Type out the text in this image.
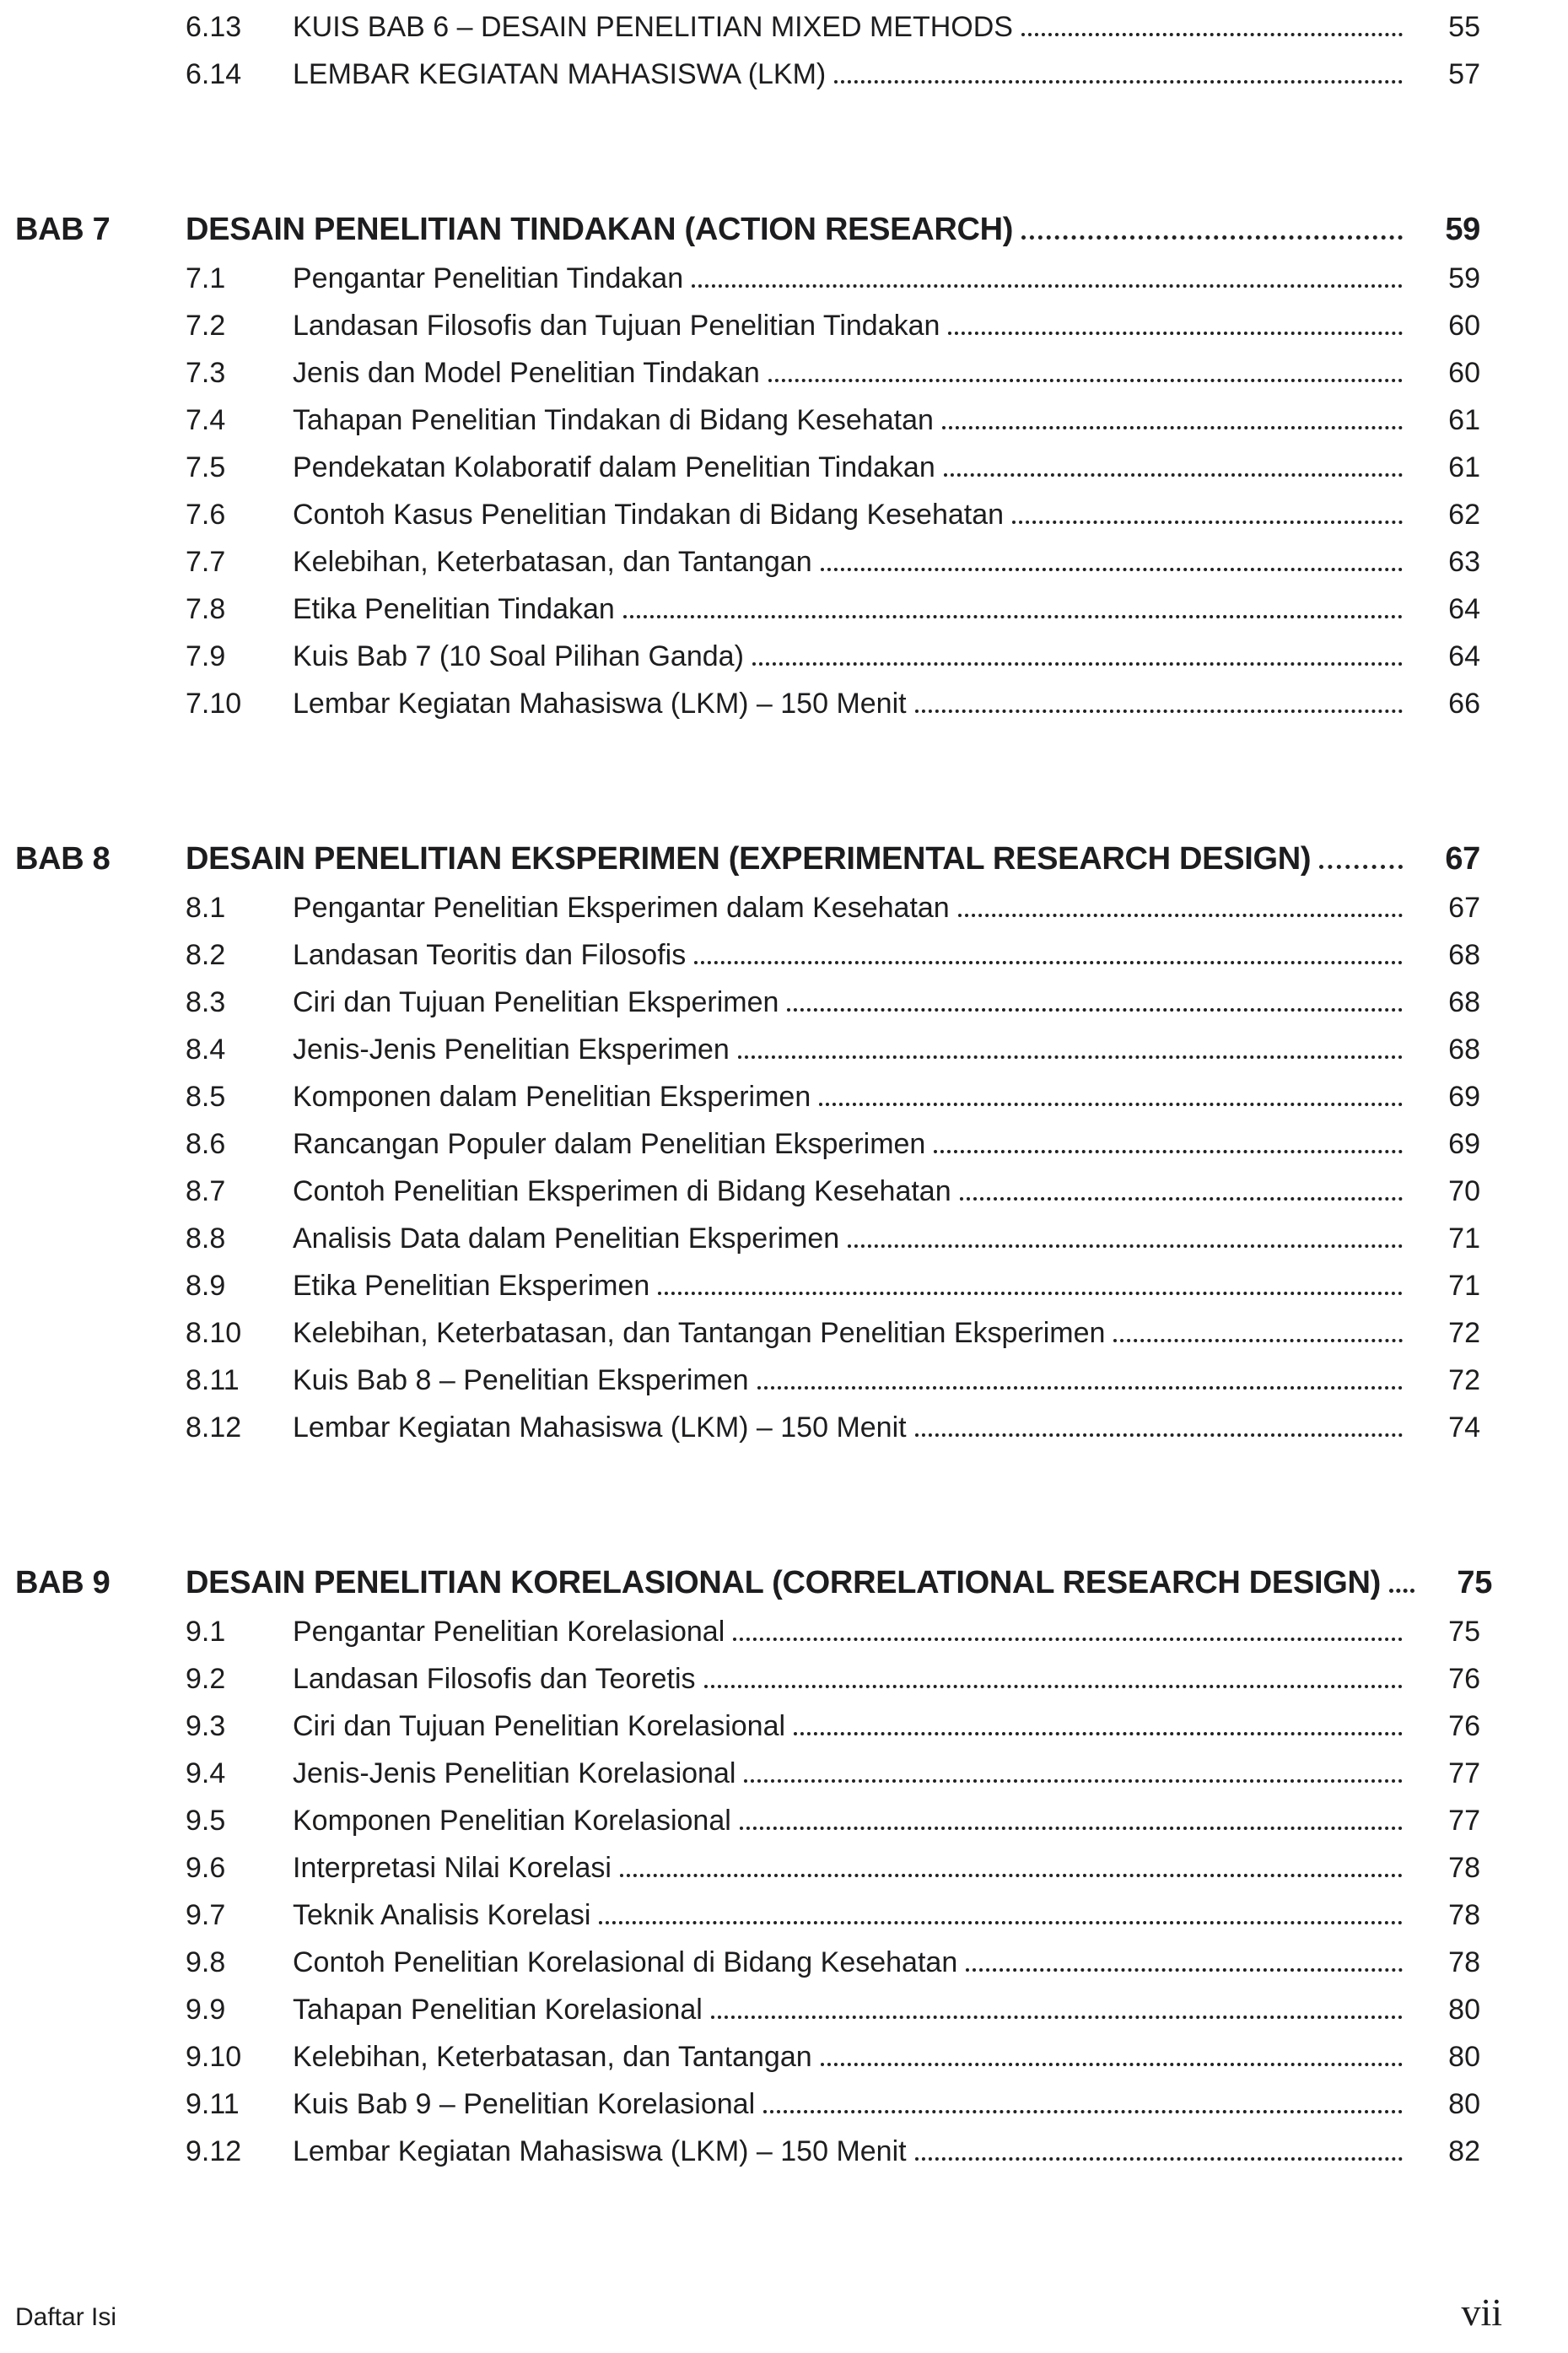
6.13	KUIS BAB 6 – DESAIN PENELITIAN MIXED METHODS	55
6.14	LEMBAR KEGIATAN MAHASISWA (LKM)	57
BAB 7	DESAIN PENELITIAN TINDAKAN (ACTION RESEARCH)	59
7.1	Pengantar Penelitian Tindakan	59
7.2	Landasan Filosofis dan Tujuan Penelitian Tindakan	60
7.3	Jenis dan Model Penelitian Tindakan	60
7.4	Tahapan Penelitian Tindakan di Bidang Kesehatan	61
7.5	Pendekatan Kolaboratif dalam Penelitian Tindakan	61
7.6	Contoh Kasus Penelitian Tindakan di Bidang Kesehatan	62
7.7	Kelebihan, Keterbatasan, dan Tantangan	63
7.8	Etika Penelitian Tindakan	64
7.9	Kuis Bab 7 (10 Soal Pilihan Ganda)	64
7.10	Lembar Kegiatan Mahasiswa (LKM) – 150 Menit	66
BAB 8	DESAIN PENELITIAN EKSPERIMEN (EXPERIMENTAL RESEARCH DESIGN)	67
8.1	Pengantar Penelitian Eksperimen dalam Kesehatan	67
8.2	Landasan Teoritis dan Filosofis	68
8.3	Ciri dan Tujuan Penelitian Eksperimen	68
8.4	Jenis-Jenis Penelitian Eksperimen	68
8.5	Komponen dalam Penelitian Eksperimen	69
8.6	Rancangan Populer dalam Penelitian Eksperimen	69
8.7	Contoh Penelitian Eksperimen di Bidang Kesehatan	70
8.8	Analisis Data dalam Penelitian Eksperimen	71
8.9	Etika Penelitian Eksperimen	71
8.10	Kelebihan, Keterbatasan, dan Tantangan Penelitian Eksperimen	72
8.11	Kuis Bab 8 – Penelitian Eksperimen	72
8.12	Lembar Kegiatan Mahasiswa (LKM) – 150 Menit	74
BAB 9	DESAIN PENELITIAN KORELASIONAL (CORRELATIONAL RESEARCH DESIGN)	75
9.1	Pengantar Penelitian Korelasional	75
9.2	Landasan Filosofis dan Teoretis	76
9.3	Ciri dan Tujuan Penelitian Korelasional	76
9.4	Jenis-Jenis Penelitian Korelasional	77
9.5	Komponen Penelitian Korelasional	77
9.6	Interpretasi Nilai Korelasi	78
9.7	Teknik Analisis Korelasi	78
9.8	Contoh Penelitian Korelasional di Bidang Kesehatan	78
9.9	Tahapan Penelitian Korelasional	80
9.10	Kelebihan, Keterbatasan, dan Tantangan	80
9.11	Kuis Bab 9 – Penelitian Korelasional	80
9.12	Lembar Kegiatan Mahasiswa (LKM) – 150 Menit	82
Daftar Isi	vii
